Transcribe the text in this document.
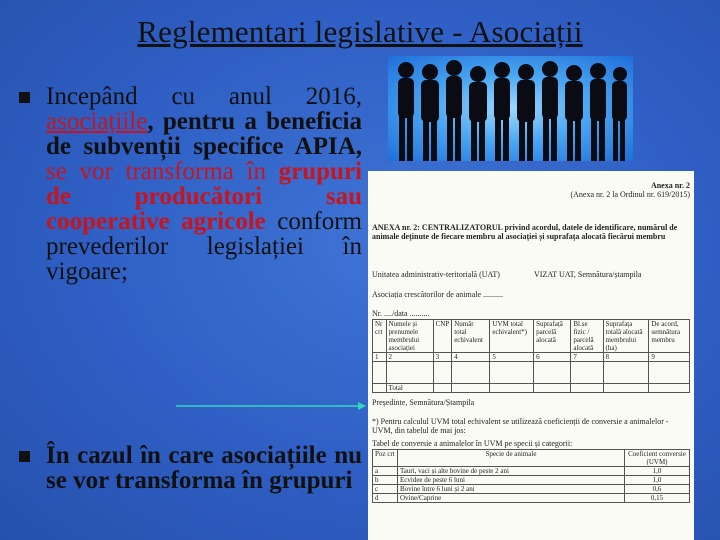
Reglementari legislative - Asociații
Incepând cu anul 2016, asociațiile, pentru a beneficia de subvenții specifice APIA, se vor transforma în grupuri de producători sau cooperative agricole conform prevederilor legislației în vigoare;
În cazul în care asociațiile nu se vor transforma în grupuri
Anexa nr. 2
(Anexa nr. 2 la Ordinul nr. 619/2015)
ANEXA nr. 2: CENTRALIZATORUL privind acordul, datele de identificare, numărul de animale deținute de fiecare membru al asociației și suprafața alocată fiecărui membru
Unitatea administrativ-teritorială (UAT)	VIZAT UAT, Semnătura/ștampila
Asociația crescătorilor de animale ..........
Nr. ..../data ..........
Nr crt	Numele și prenumele membrului asociației	CNP	Număr total echivalent	UVM total echivalent*)	Suprafață parcelă alocată	Bl.se fizic / parcelă alocată	Suprafața totală alocată membrului (ha)	De acord, semnătura membru
1	2	3	4	5	6	7	8	9

	Total							
Președinte, Semnătura/Ștampila
*) Pentru calculul UVM total echivalent se utilizează coeficienții de conversie a animalelor - UVM, din tabelul de mai jos:
Tabel de conversie a animalelor în UVM pe specii și categorii:
Poz crt	Specie de animale	Coeficient conversie (UVM)
a	Tauri, vaci și alte bovine de peste 2 ani	1,0
b	Ecvidee de peste 6 luni	1,0
c	Bovine între 6 luni și 2 ani	0,6
d	Ovine/Caprine	0,15
